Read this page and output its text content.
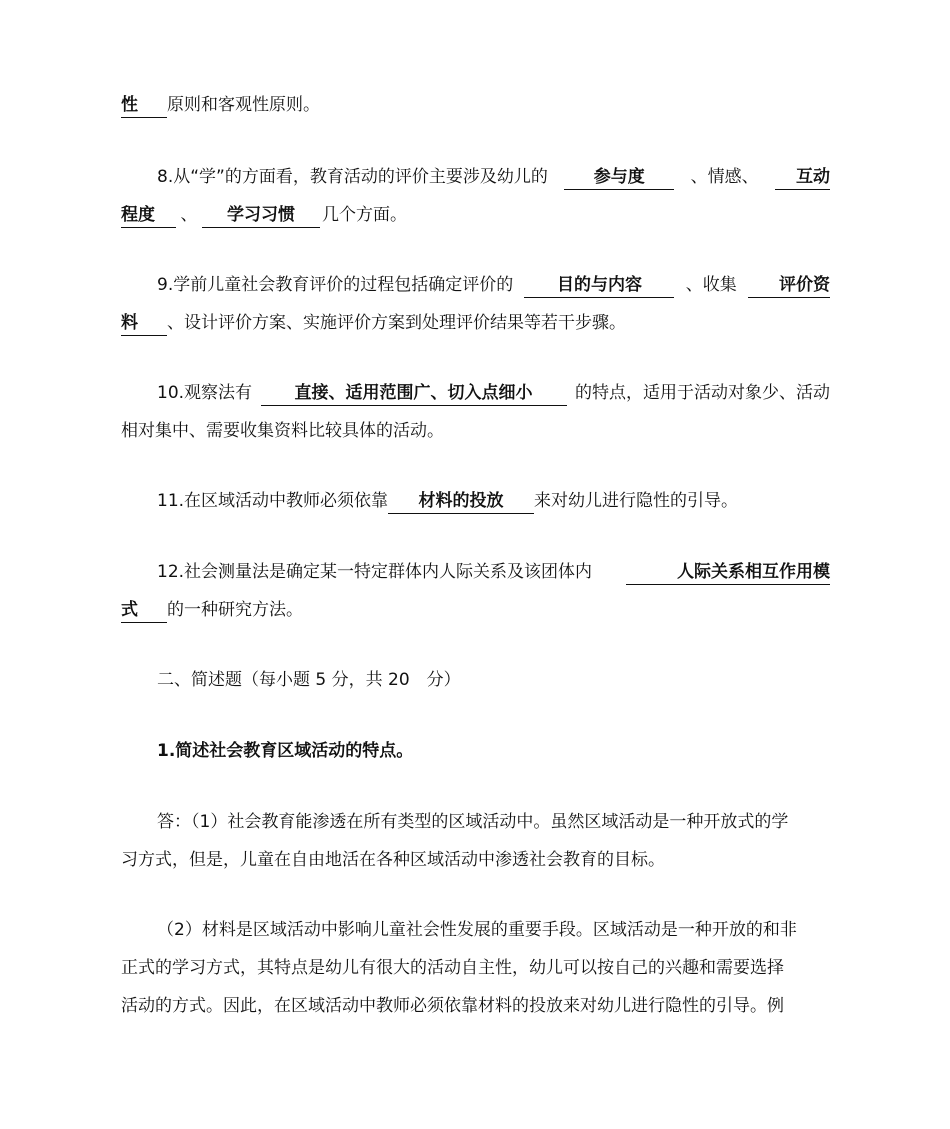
性 原则和客观性原则。
8.从“学”的方面看，教育活动的评价主要涉及幼儿的	参与度	、情感、	互动
程度 、 学习习惯 几个方面。
9.学前儿童社会教育评价的过程包括确定评价的	目的与内容	、收集	评价资
料 、设计评价方案、实施评价方案到处理评价结果等若干步骤。
10.观察法有	直接、适用范围广、切入点细小	的特点，适用于活动对象少、活动
相对集中、需要收集资料比较具体的活动。
11.在区域活动中教师必须依靠 材料的投放 来对幼儿进行隐性的引导。
12.社会测量法是确定某一特定群体内人际关系及该团体内	人际关系相互作用模
式 的一种研究方法。
二、简述题（每小题 5 分，共 20　分）
1.简述社会教育区域活动的特点。
答：（1）社会教育能渗透在所有类型的区域活动中。虽然区域活动是一种开放式的学
习方式，但是，儿童在自由地活在各种区域活动中渗透社会教育的目标。
（2）材料是区域活动中影响儿童社会性发展的重要手段。区域活动是一种开放的和非
正式的学习方式，其特点是幼儿有很大的活动自主性，幼儿可以按自己的兴趣和需要选择
活动的方式。因此，在区域活动中教师必须依靠材料的投放来对幼儿进行隐性的引导。例
